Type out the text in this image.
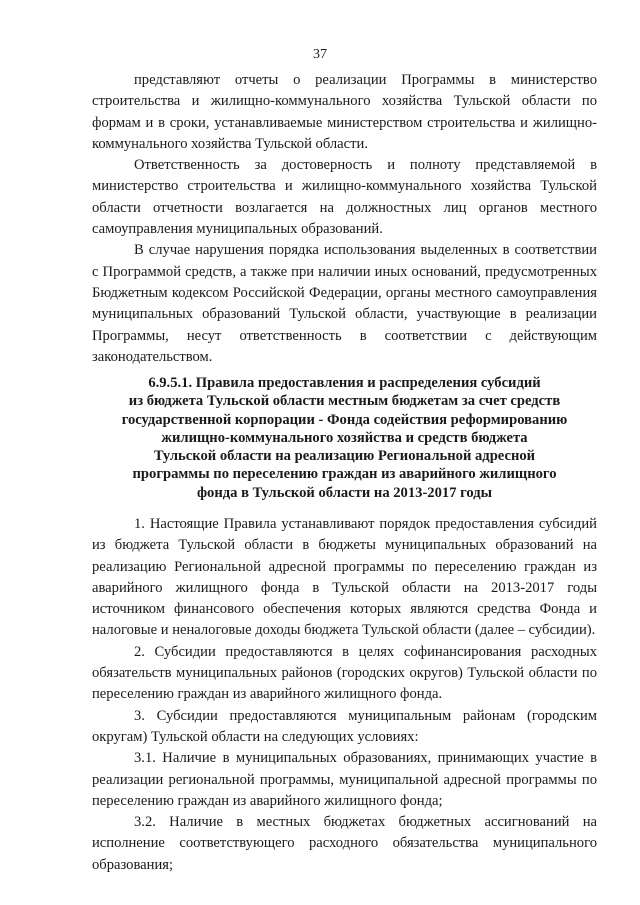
37

представляют отчеты о реализации Программы в министерство строительства и жилищно-коммунального хозяйства Тульской области по формам и в сроки, устанавливаемые министерством строительства и жилищно-коммунального хозяйства Тульской области.

Ответственность за достоверность и полноту представляемой в министерство строительства и жилищно-коммунального хозяйства Тульской области отчетности возлагается на должностных лиц органов местного самоуправления муниципальных образований.

В случае нарушения порядка использования выделенных в соответствии с Программой средств, а также при наличии иных оснований, предусмотренных Бюджетным кодексом Российской Федерации, органы местного самоуправления муниципальных образований Тульской области, участвующие в реализации Программы, несут ответственность в соответствии с действующим законодательством.

6.9.5.1. Правила предоставления и распределения субсидий
из бюджета Тульской области местным бюджетам за счет средств
государственной корпорации - Фонда содействия реформированию
жилищно-коммунального хозяйства и средств бюджета
Тульской области на реализацию Региональной адресной
программы по переселению граждан из аварийного жилищного
фонда в Тульской области на 2013-2017 годы

1. Настоящие Правила устанавливают порядок предоставления субсидий из бюджета Тульской области в бюджеты муниципальных образований на реализацию Региональной адресной программы по переселению граждан из аварийного жилищного фонда в Тульской области на 2013-2017 годы источником финансового обеспечения которых являются средства Фонда и налоговые и неналоговые доходы бюджета Тульской области (далее – субсидии).

2. Субсидии предоставляются в целях софинансирования расходных обязательств муниципальных районов (городских округов) Тульской области по переселению граждан из аварийного жилищного фонда.

3. Субсидии предоставляются муниципальным районам (городским округам) Тульской области на следующих условиях:

3.1. Наличие в муниципальных образованиях, принимающих участие в реализации региональной программы, муниципальной адресной программы по переселению граждан из аварийного жилищного фонда;

3.2. Наличие в местных бюджетах бюджетных ассигнований на исполнение соответствующего расходного обязательства муниципального образования;
